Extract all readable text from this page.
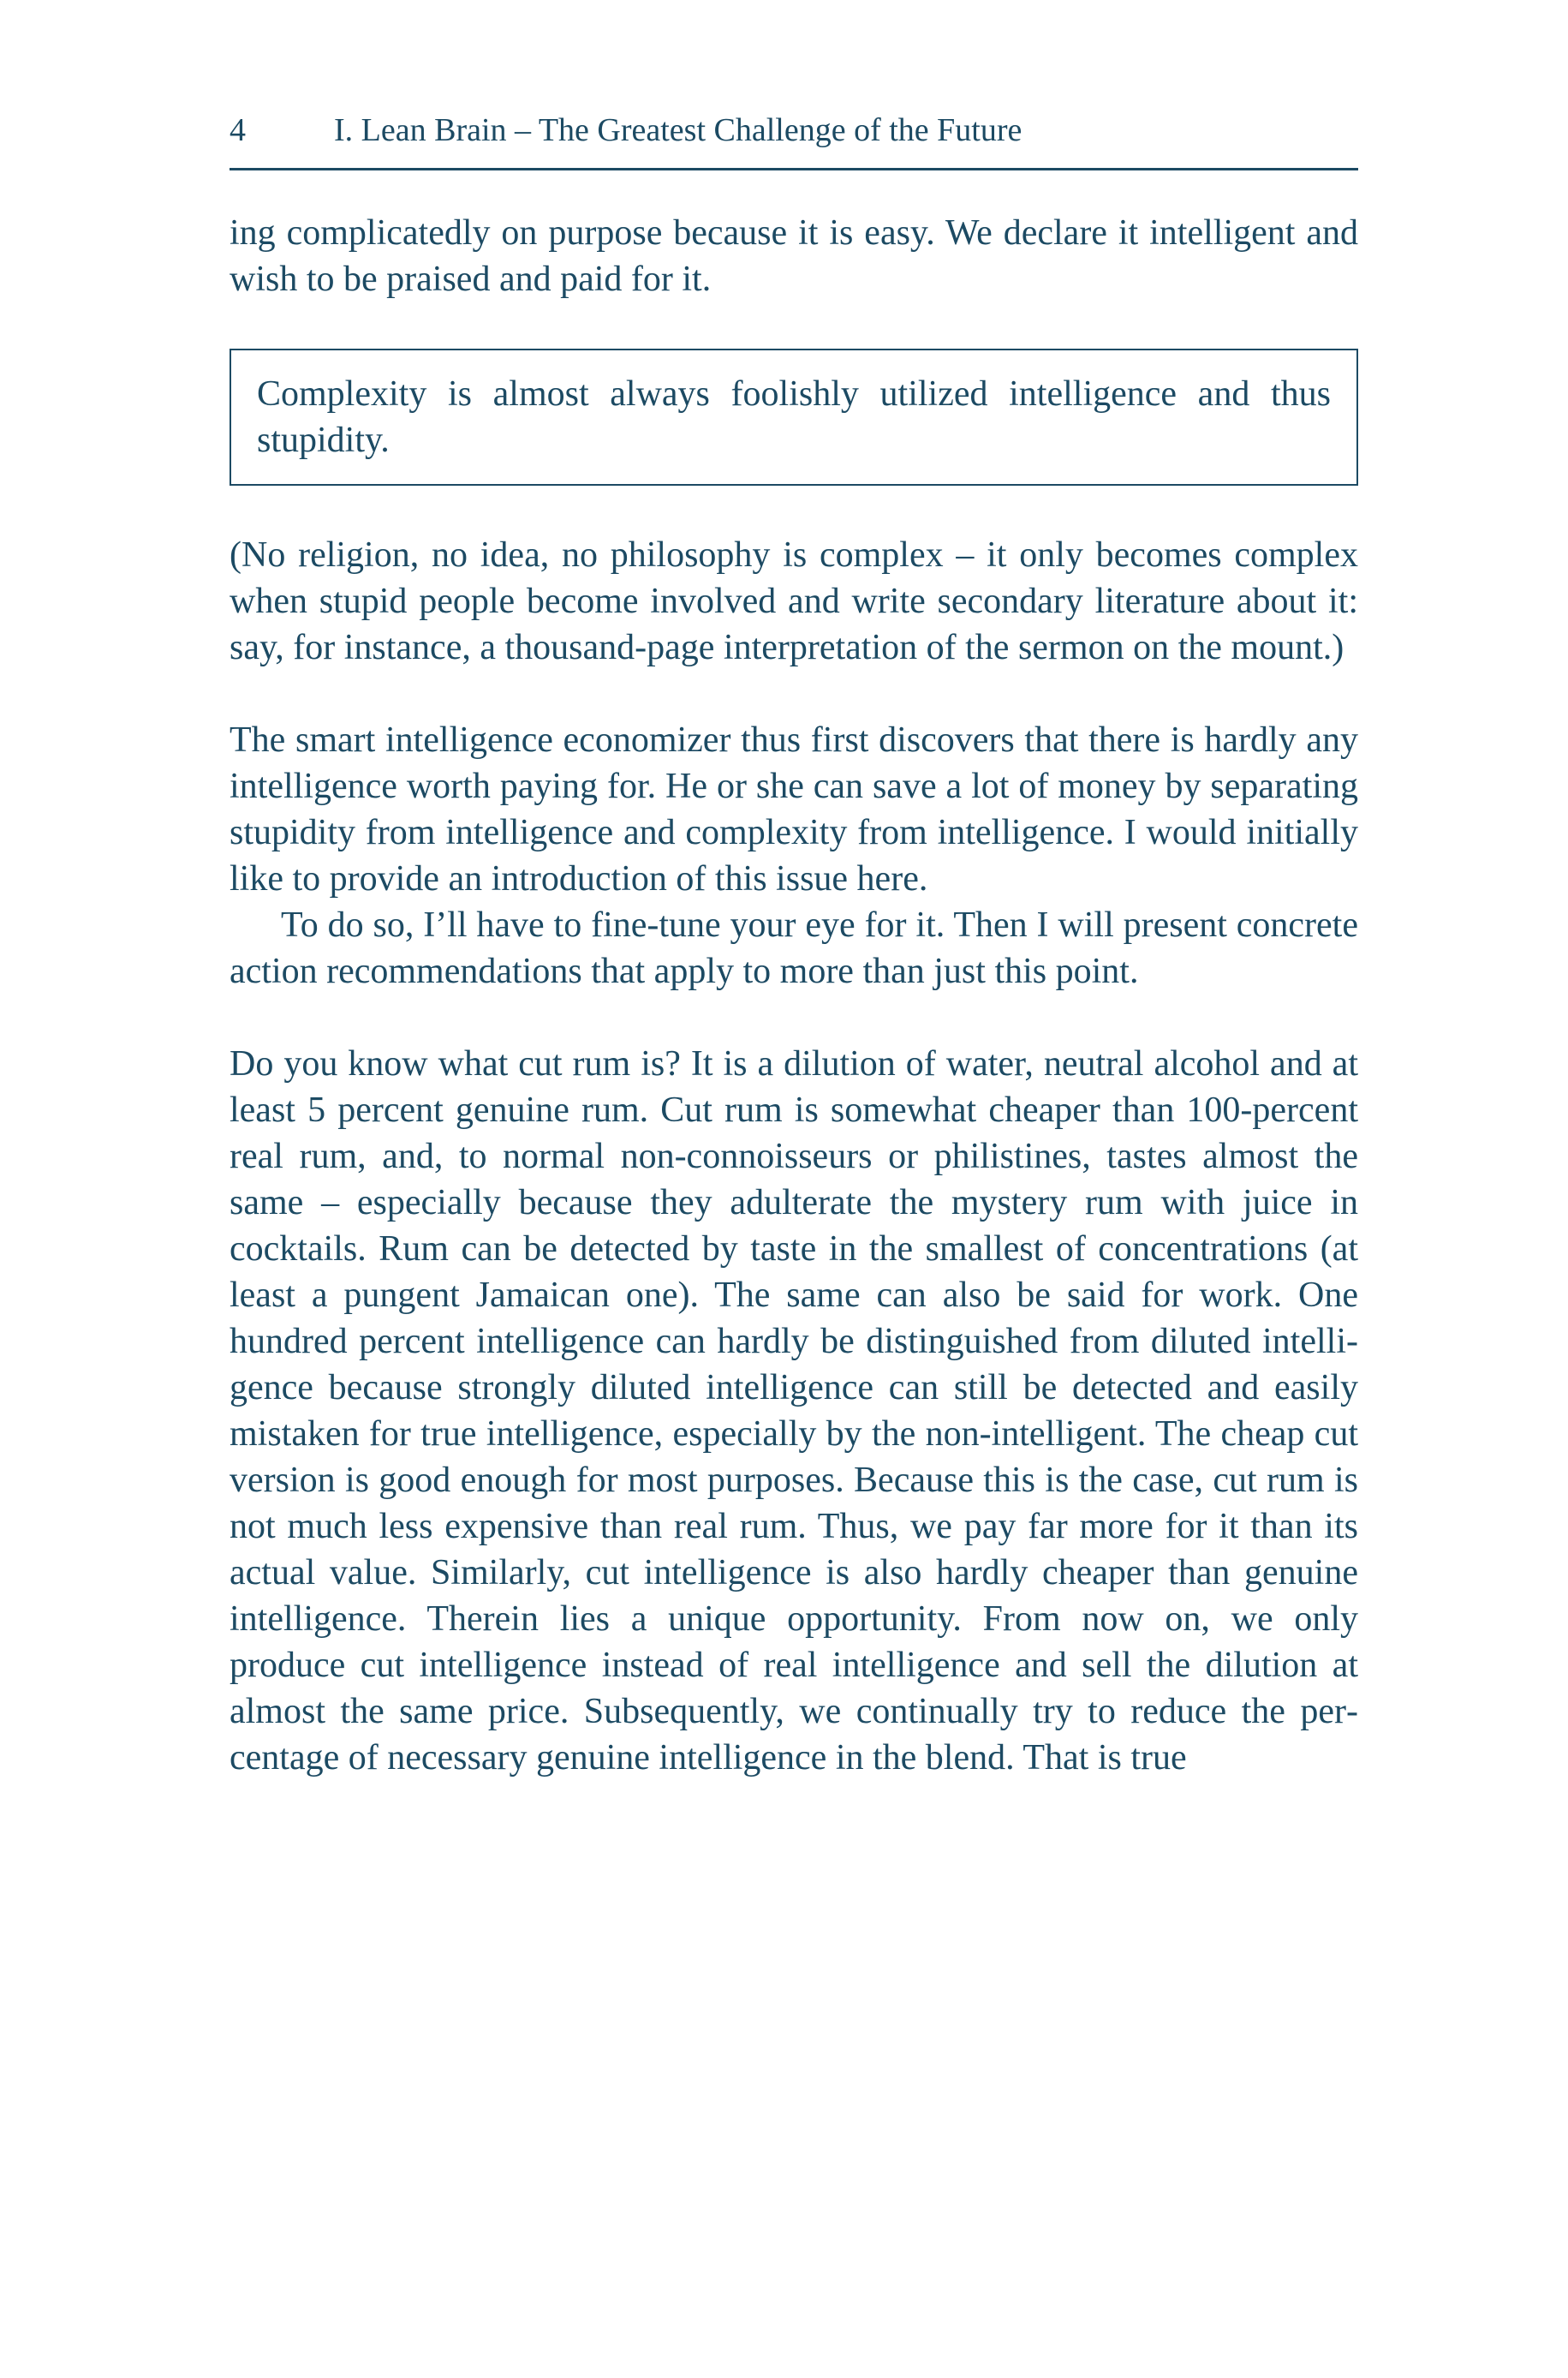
4	I. Lean Brain – The Greatest Challenge of the Future

ing complicatedly on purpose because it is easy. We declare it intelligent and wish to be praised and paid for it.

Complexity is almost always foolishly utilized intelligence and thus stupidity.

(No religion, no idea, no philosophy is complex – it only becomes complex when stupid people become involved and write secondary literature about it: say, for instance, a thousand-page interpretation of the sermon on the mount.)

The smart intelligence economizer thus first discovers that there is hardly any intelligence worth paying for. He or she can save a lot of money by separating stupidity from intelligence and complexity from intelligence. I would initially like to provide an introduction of this issue here.

To do so, I’ll have to fine-tune your eye for it. Then I will present concrete action recommendations that apply to more than just this point.

Do you know what cut rum is? It is a dilution of water, neutral alcohol and at least 5 percent genuine rum. Cut rum is somewhat cheaper than 100-percent real rum, and, to normal non-connoisseurs or philistines, tastes almost the same – especially because they adulterate the mystery rum with juice in cocktails. Rum can be detected by taste in the smallest of concentrations (at least a pungent Jamaican one). The same can also be said for work. One hundred percent intelligence can hardly be distinguished from diluted intelligence because strongly diluted intelligence can still be detected and easily mistaken for true intelligence, especially by the non-intelligent. The cheap cut version is good enough for most purposes. Because this is the case, cut rum is not much less expensive than real rum. Thus, we pay far more for it than its actual value. Similarly, cut intelligence is also hardly cheaper than genuine intelligence. Therein lies a unique opportunity. From now on, we only produce cut intelligence instead of real intelligence and sell the dilution at almost the same price. Subsequently, we continually try to reduce the percentage of necessary genuine intelligence in the blend. That is true
